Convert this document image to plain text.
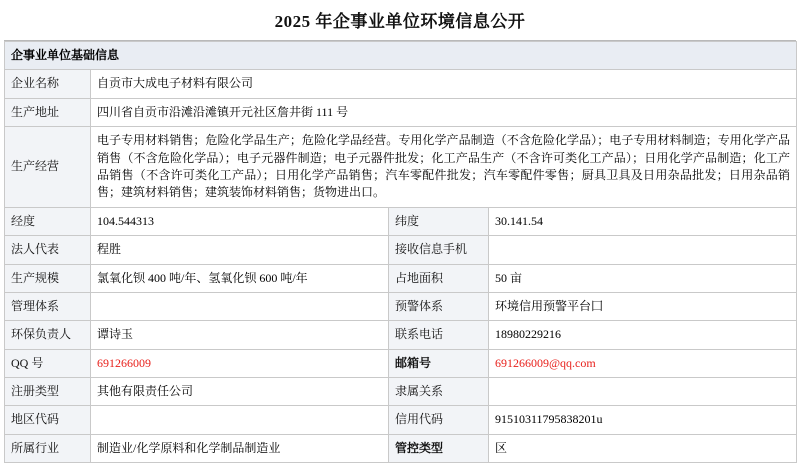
2025 年企事业单位环境信息公开
企事业单位基础信息			
企业名称	自贡市大成电子材料有限公司		
生产地址	四川省自贡市沿滩沿滩镇开元社区詹井街 111 号		
生产经营	电子专用材料销售；危险化学品生产；危险化学品经营。专用化学产品制造（不含危险化学品）；电子专用材料制造；专用化学产品销售（不含危险化学品）；电子元器件制造；电子元器件批发；化工产品生产（不含许可类化工产品）；日用化学产品制造；化工产品销售（不含许可类化工产品）；日用化学产品销售；汽车零配件批发；汽车零配件零售；厨具卫具及日用杂品批发；日用杂品销售；建筑材料销售；建筑装饰材料销售；货物进出口。		
经度	104.544313	纬度	30.141.54
法人代表	程胜	接收信息手机	
生产规模	氯氧化钡 400 吨/年、氢氧化钡 600 吨/年	占地面积	50 亩
管理体系		预警体系	环境信用预警平台囗
环保负责人	谭诗玉	联系电话	18980229216
QQ 号	691266009	邮箱号	691266009@qq.com
注册类型	其他有限责任公司	隶属关系	
地区代码		信用代码	91510311795838201u
所属行业	制造业/化学原料和化学制品制造业	管控类型	区
